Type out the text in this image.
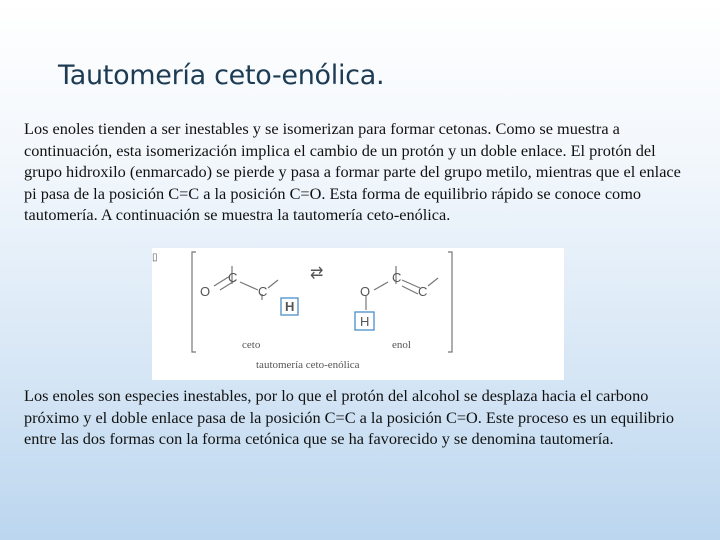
Tautomería ceto-enólica.

Los enoles tienden a ser inestables y se isomerizan para formar cetonas. Como se muestra a continuación, esta isomerización implica el cambio de un protón y un doble enlace. El protón del grupo hidroxilo (enmarcado) se pierde y pasa a formar parte del grupo metilo, mientras que el enlace pi pasa de la posición C=C a la posición C=O. Esta forma de equilibrio rápido se conoce como tautomería. A continuación se muestra la tautomería ceto-enólica.

▯
C
O	C
H
⇄	C
O	C
H
ceto	enol
tautomería ceto-enólica

Los enoles son especies inestables, por lo que el protón del alcohol se desplaza hacia el carbono próximo y el doble enlace pasa de la posición C=C a la posición C=O. Este proceso es un equilibrio entre las dos formas con la forma cetónica que se ha favorecido y se denomina tautomería.
